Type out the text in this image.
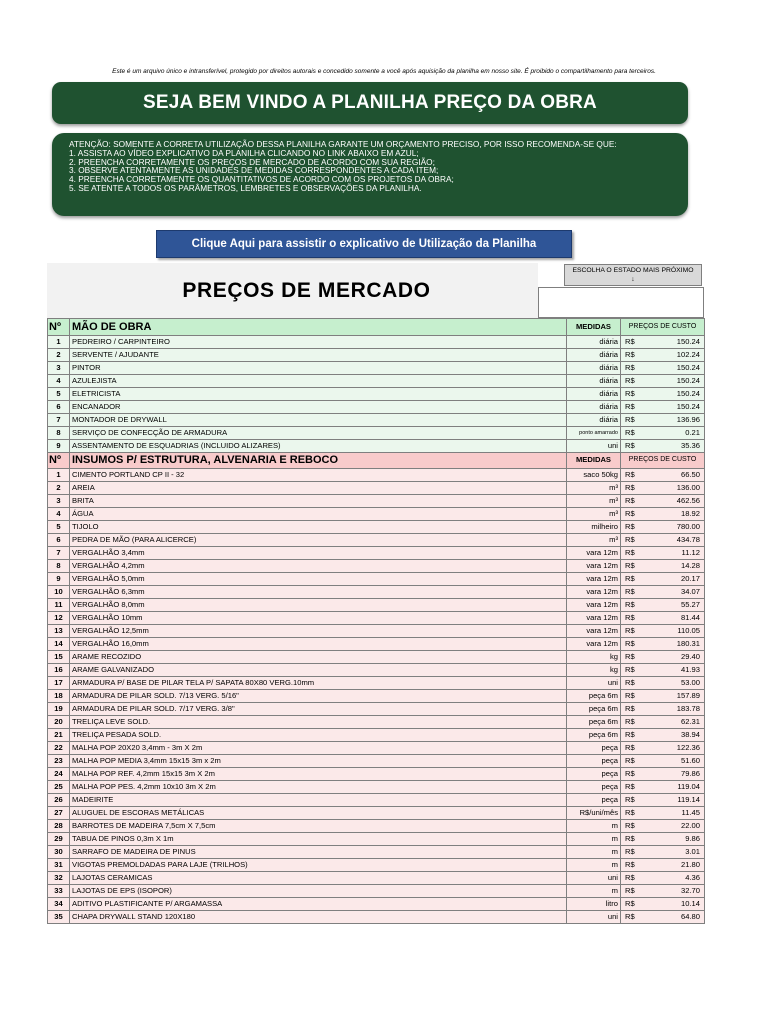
Este é um arquivo único e intransferível, protegido por direitos autorais e concedido somente a você após aquisição da planilha em nosso site. É proibido o compartilhamento para terceiros.
SEJA BEM VINDO A PLANILHA PREÇO DA OBRA
ATENÇÃO: SOMENTE A CORRETA UTILIZAÇÃO DESSA PLANILHA GARANTE UM ORÇAMENTO PRECISO, POR ISSO RECOMENDA-SE QUE:
1. ASSISTA AO VÍDEO EXPLICATIVO DA PLANILHA CLICANDO NO LINK ABAIXO EM AZUL;
2. PREENCHA CORRETAMENTE OS PREÇOS DE MERCADO DE ACORDO COM SUA REGIÃO;
3. OBSERVE ATENTAMENTE AS UNIDADES DE MEDIDAS CORRESPONDENTES A CADA ITEM;
4. PREENCHA CORRETAMENTE OS QUANTITATIVOS DE ACORDO COM OS PROJETOS DA OBRA;
5. SE ATENTE A TODOS OS PARÂMETROS, LEMBRETES E OBSERVAÇÕES DA PLANILHA.
Clique Aqui para assistir o explicativo de Utilização da Planilha
PREÇOS DE MERCADO
ESCOLHA O ESTADO MAIS PRÓXIMO
↓
Nº	MÃO DE OBRA	MEDIDAS	PREÇOS DE CUSTO
1	PEDREIRO / CARPINTEIRO	diária	R$ 150.24

2	SERVENTE / AJUDANTE	diária	R$ 102.24

3	PINTOR	diária	R$ 150.24

4	AZULEJISTA	diária	R$ 150.24

5	ELETRICISTA	diária	R$ 150.24

6	ENCANADOR	diária	R$ 150.24

7	MONTADOR DE DRYWALL	diária	R$ 136.96

8	SERVIÇO DE CONFECÇÃO DE ARMADURA	ponto amarrado	R$ 0.21

9	ASSENTAMENTO DE ESQUADRIAS (INCLUIDO ALIZARES)	uni	R$ 35.36

Nº	INSUMOS P/ ESTRUTURA, ALVENARIA E REBOCO	MEDIDAS	PREÇOS DE CUSTO
1	CIMENTO PORTLAND CP II - 32	saco 50kg	R$ 66.50

2	AREIA	m³	R$ 136.00

3	BRITA	m³	R$ 462.56

4	ÁGUA	m³	R$ 18.92

5	TIJOLO	milheiro	R$ 780.00

6	PEDRA DE MÃO (PARA ALICERCE)	m³	R$ 434.78

7	VERGALHÃO 3,4mm	vara 12m	R$ 11.12

8	VERGALHÃO 4,2mm	vara 12m	R$ 14.28

9	VERGALHÃO 5,0mm	vara 12m	R$ 20.17

10	VERGALHÃO 6,3mm	vara 12m	R$ 34.07

11	VERGALHÃO 8,0mm	vara 12m	R$ 55.27

12	VERGALHÃO 10mm	vara 12m	R$ 81.44

13	VERGALHÃO 12,5mm	vara 12m	R$ 110.05

14	VERGALHÃO 16,0mm	vara 12m	R$ 180.31

15	ARAME RECOZIDO	kg	R$ 29.40

16	ARAME GALVANIZADO	kg	R$ 41.93

17	ARMADURA P/ BASE DE PILAR TELA P/ SAPATA 80X80 VERG.10mm	uni	R$ 53.00

18	ARMADURA DE PILAR SOLD. 7/13 VERG. 5/16"	peça 6m	R$ 157.89

19	ARMADURA DE PILAR SOLD. 7/17 VERG. 3/8"	peça 6m	R$ 183.78

20	TRELIÇA LEVE SOLD.	peça 6m	R$ 62.31

21	TRELIÇA PESADA SOLD.	peça 6m	R$ 38.94

22	MALHA POP 20X20 3,4mm - 3m X 2m	peça	R$ 122.36

23	MALHA POP MEDIA 3,4mm 15x15 3m x 2m	peça	R$ 51.60

24	MALHA POP REF. 4,2mm 15x15 3m X 2m	peça	R$ 79.86

25	MALHA POP PES. 4,2mm 10x10 3m X 2m	peça	R$ 119.04

26	MADEIRITE	peça	R$ 119.14

27	ALUGUEL DE ESCORAS METÁLICAS	R$/uni/mês	R$ 11.45

28	BARROTES DE MADEIRA 7,5cm X 7,5cm	m	R$ 22.00

29	TABUA DE PINOS 0,3m X 1m	m	R$ 9.86

30	SARRAFO DE MADEIRA DE PINUS	m	R$ 3.01

31	VIGOTAS PREMOLDADAS PARA LAJE (TRILHOS)	m	R$ 21.80

32	LAJOTAS CERAMICAS	uni	R$ 4.36

33	LAJOTAS DE EPS (ISOPOR)	m	R$ 32.70

34	ADITIVO PLASTIFICANTE P/ ARGAMASSA	litro	R$ 10.14

35	CHAPA DRYWALL STAND 120X180	uni	R$ 64.80
